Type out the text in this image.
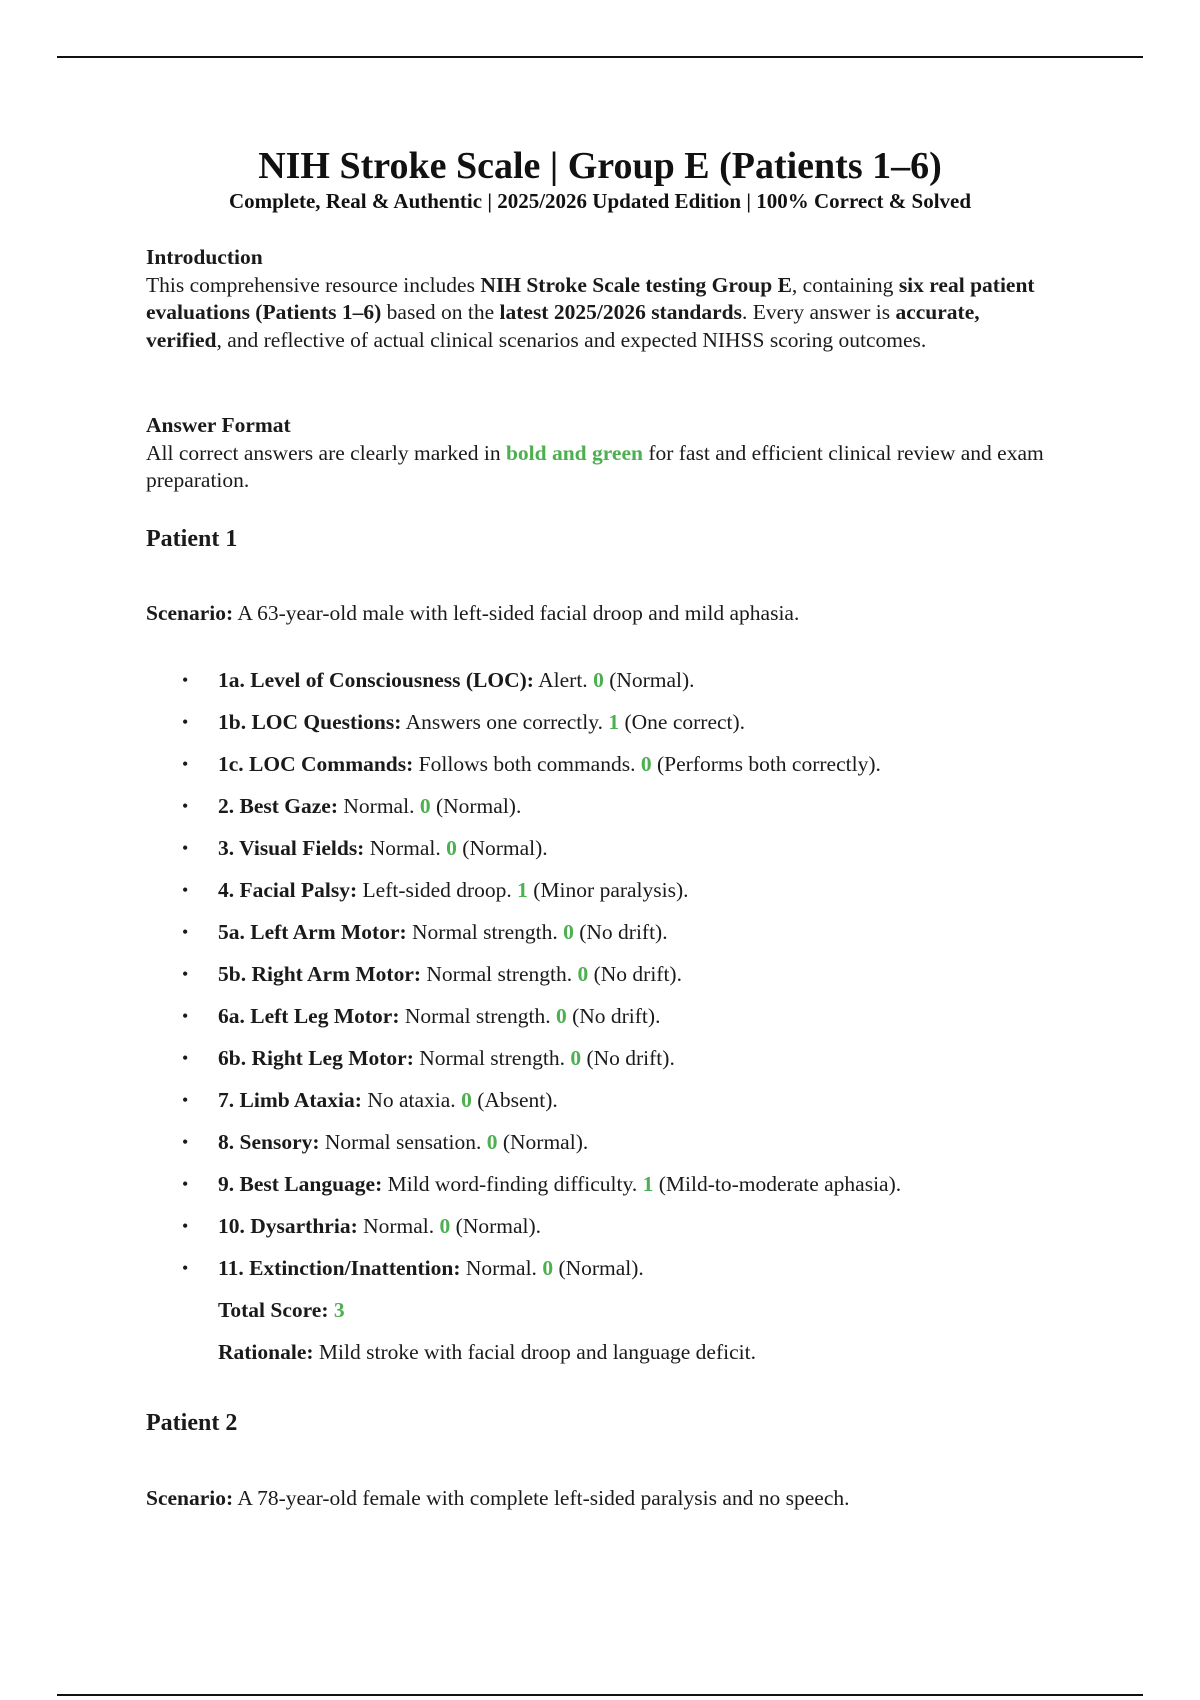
NIH Stroke Scale | Group E (Patients 1–6)
Complete, Real & Authentic | 2025/2026 Updated Edition | 100% Correct & Solved
Introduction
This comprehensive resource includes NIH Stroke Scale testing Group E, containing six real patient evaluations (Patients 1–6) based on the latest 2025/2026 standards. Every answer is accurate, verified, and reflective of actual clinical scenarios and expected NIHSS scoring outcomes.
Answer Format
All correct answers are clearly marked in bold and green for fast and efficient clinical review and exam preparation.
Patient 1
Scenario: A 63-year-old male with left-sided facial droop and mild aphasia.
• 1a. Level of Consciousness (LOC): Alert. 0 (Normal).
• 1b. LOC Questions: Answers one correctly. 1 (One correct).
• 1c. LOC Commands: Follows both commands. 0 (Performs both correctly).
• 2. Best Gaze: Normal. 0 (Normal).
• 3. Visual Fields: Normal. 0 (Normal).
• 4. Facial Palsy: Left-sided droop. 1 (Minor paralysis).
• 5a. Left Arm Motor: Normal strength. 0 (No drift).
• 5b. Right Arm Motor: Normal strength. 0 (No drift).
• 6a. Left Leg Motor: Normal strength. 0 (No drift).
• 6b. Right Leg Motor: Normal strength. 0 (No drift).
• 7. Limb Ataxia: No ataxia. 0 (Absent).
• 8. Sensory: Normal sensation. 0 (Normal).
• 9. Best Language: Mild word-finding difficulty. 1 (Mild-to-moderate aphasia).
• 10. Dysarthria: Normal. 0 (Normal).
• 11. Extinction/Inattention: Normal. 0 (Normal).
Total Score: 3
Rationale: Mild stroke with facial droop and language deficit.
Patient 2
Scenario: A 78-year-old female with complete left-sided paralysis and no speech.
